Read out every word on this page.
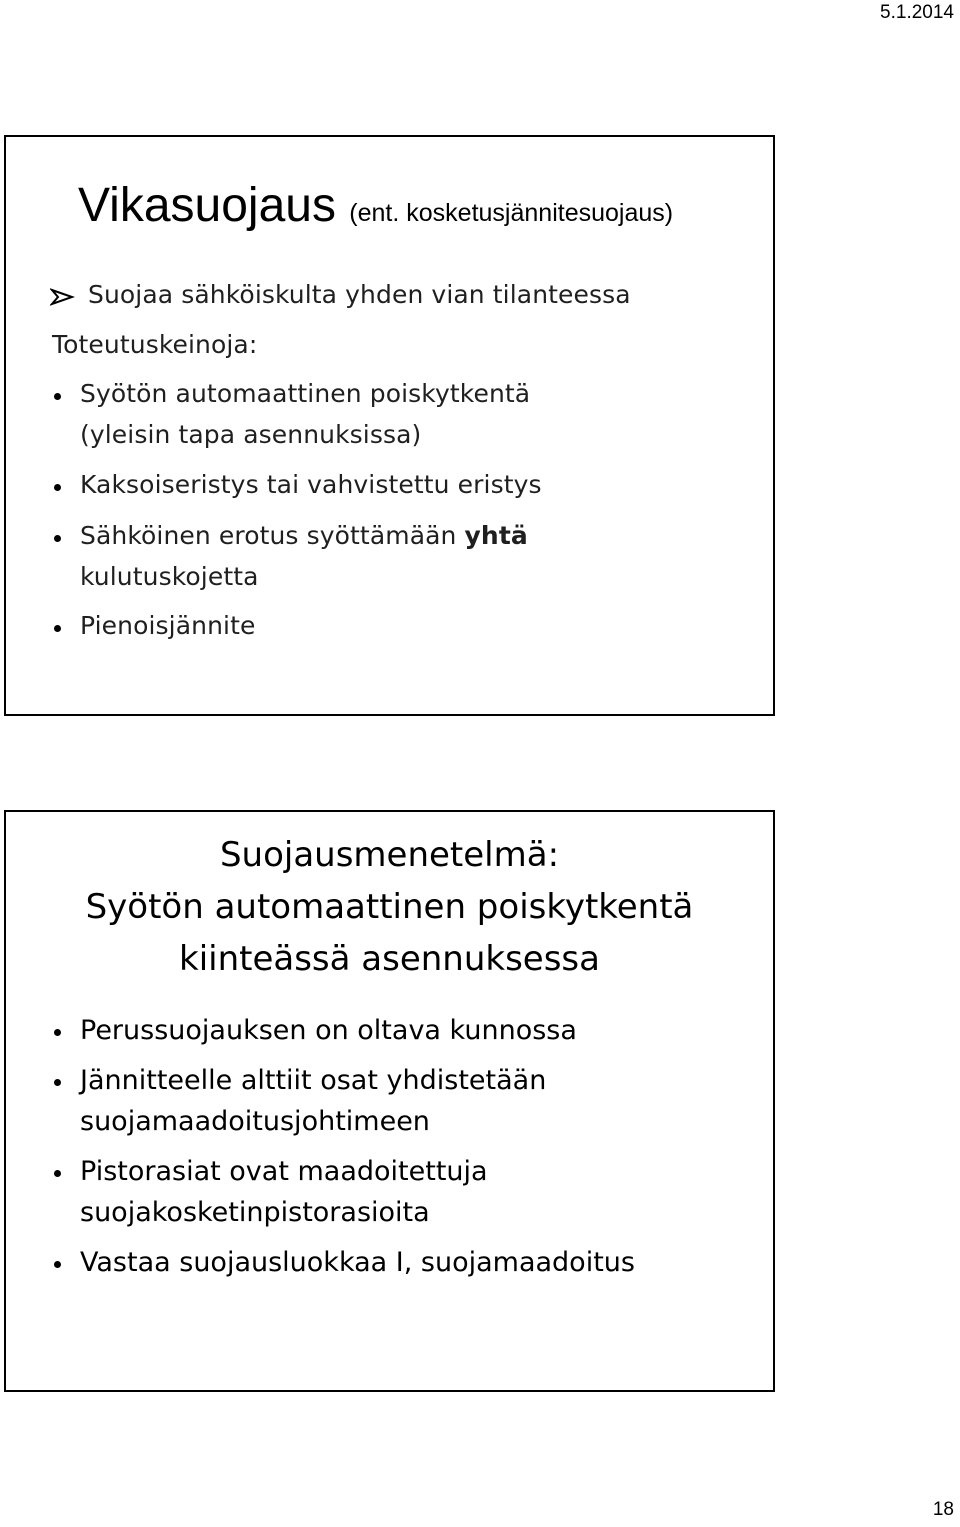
5.1.2014
Vikasuojaus (ent. kosketusjännitesuojaus)
Suojaa sähköiskulta yhden vian tilanteessa
Toteutuskeinoja:
Syötön automaattinen poiskytkentä
(yleisin tapa asennuksissa)
Kaksoiseristys tai vahvistettu eristys
Sähköinen erotus syöttämään yhtä
kulutuskojetta
Pienoisjännite
Suojausmenetelmä:
Syötön automaattinen poiskytkentä
kiinteässä asennuksessa
Perussuojauksen on oltava kunnossa
Jännitteelle alttiit osat yhdistetään
suojamaadoitusjohtimeen
Pistorasiat ovat maadoitettuja
suojakosketinpistorasioita
Vastaa suojausluokkaa I, suojamaadoitus
18
